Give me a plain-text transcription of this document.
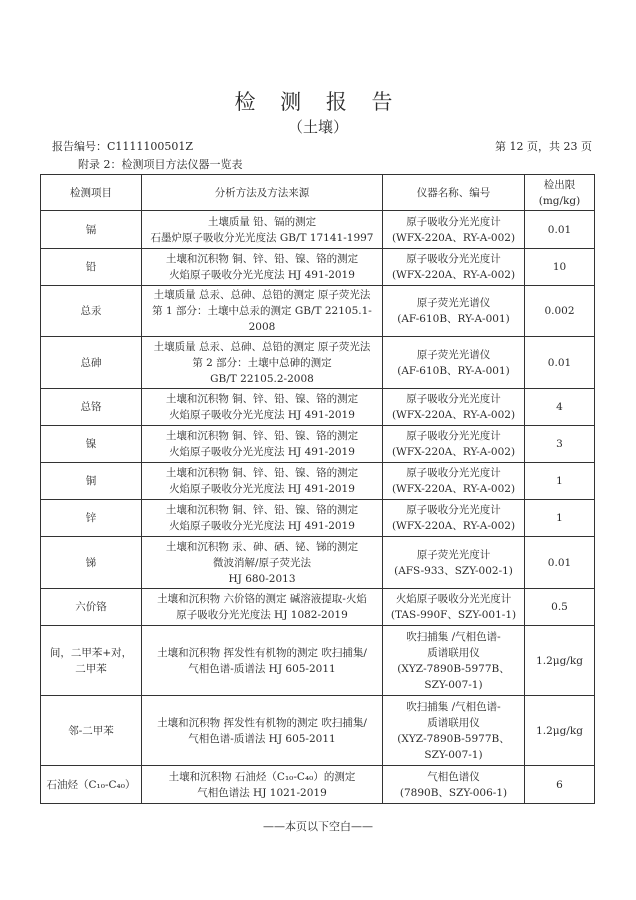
检 测 报 告
（土壤）
报告编号：C1111100501Z	第 12 页，共 23 页
附录 2：检测项目方法仪器一览表
检测项目	分析方法及方法来源	仪器名称、编号	检出限
(mg/kg)
镉	土壤质量 铅、镉的测定
石墨炉原子吸收分光光度法 GB/T 17141-1997	原子吸收分光光度计
(WFX-220A、RY-A-002)	0.01
铅	土壤和沉积物 铜、锌、铅、镍、铬的测定
火焰原子吸收分光光度法 HJ 491-2019	原子吸收分光光度计
(WFX-220A、RY-A-002)	10
总汞	土壤质量 总汞、总砷、总铅的测定 原子荧光法
第 1 部分：土壤中总汞的测定 GB/T 22105.1-2008	原子荧光光谱仪
(AF-610B、RY-A-001)	0.002
总砷	土壤质量 总汞、总砷、总铅的测定 原子荧光法
第 2 部分：土壤中总砷的测定
GB/T 22105.2-2008	原子荧光光谱仪
(AF-610B、RY-A-001)	0.01
总铬	土壤和沉积物 铜、锌、铅、镍、铬的测定
火焰原子吸收分光光度法 HJ 491-2019	原子吸收分光光度计
(WFX-220A、RY-A-002)	4
镍	土壤和沉积物 铜、锌、铅、镍、铬的测定
火焰原子吸收分光光度法 HJ 491-2019	原子吸收分光光度计
(WFX-220A、RY-A-002)	3
铜	土壤和沉积物 铜、锌、铅、镍、铬的测定
火焰原子吸收分光光度法 HJ 491-2019	原子吸收分光光度计
(WFX-220A、RY-A-002)	1
锌	土壤和沉积物 铜、锌、铅、镍、铬的测定
火焰原子吸收分光光度法 HJ 491-2019	原子吸收分光光度计
(WFX-220A、RY-A-002)	1
锑	土壤和沉积物 汞、砷、硒、铋、锑的测定
微波消解/原子荧光法
HJ 680-2013	原子荧光光度计
(AFS-933、SZY-002-1)	0.01
六价铬	土壤和沉积物 六价铬的测定 碱溶液提取-火焰
原子吸收分光光度法 HJ 1082-2019	火焰原子吸收分光光度计
(TAS-990F、SZY-001-1)	0.5
间，二甲苯+对，
二甲苯	土壤和沉积物 挥发性有机物的测定 吹扫捕集/
气相色谱-质谱法 HJ 605-2011	吹扫捕集 /气相色谱-
质谱联用仪
(XYZ-7890B-5977B、
SZY-007-1)	1.2μg/kg
邻-二甲苯	土壤和沉积物 挥发性有机物的测定 吹扫捕集/
气相色谱-质谱法 HJ 605-2011	吹扫捕集 /气相色谱-
质谱联用仪
(XYZ-7890B-5977B、
SZY-007-1)	1.2μg/kg
石油烃（C₁₀-C₄₀）	土壤和沉积物 石油烃（C₁₀-C₄₀）的测定
气相色谱法 HJ 1021-2019	气相色谱仪
(7890B、SZY-006-1)	6
——本页以下空白——
